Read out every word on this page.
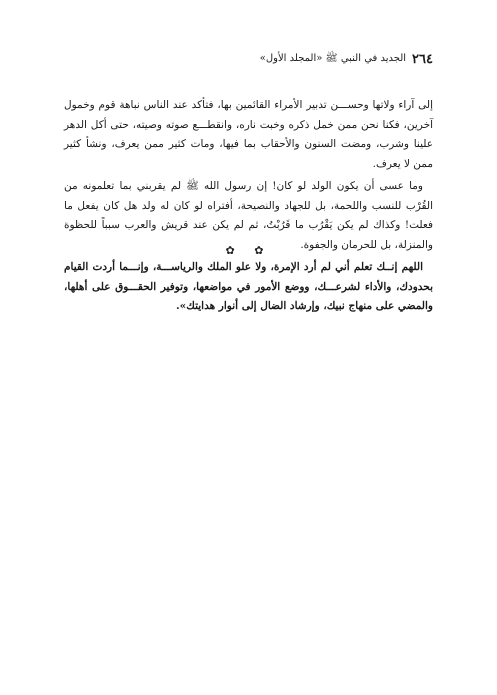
٢٦٤
الجديد في النبي ﷺ «المجلد الأول»

إلى آراء ولاتها وحســـن تدبير الأمراء القائمين بها، فتأكد عند الناس نباهة قوم وخمول آخرين، فكنا نحن ممن خمل ذكره وخبت ناره، وانقطـــع صوته وصيته، حتى أكل الدهر علينا وشرب، ومضت السنون والأحقاب بما فيها، ومات كثير ممن يعرف، ونشأ كثير ممن لا يعرف.

وما عسى أن يكون الولد لو كان! إن رسول الله ﷺ لم يقربني بما تعلمونه من القُرْب للنسب واللحمة، بل للجهاد والنصيحة، أفتراه لو كان له ولد هل كان يفعل ما فعلت! وكذاك لم يكن يَقْرُب ما قَرُبْتُ، ثم لم يكن عند قريش والعرب سبباً للحظوة والمنزلة، بل للحرمان والجفوة.

اللهم إنــك تعلم أني لم أرد الإمرة، ولا علو الملك والرياســـة، وإنـــما أردت القيام بحدودك، والأداء لشرعـــك، ووضع الأمور في مواضعها، وتوفير الحقـــوق على أهلها، والمضي على منهاج نبيك، وإرشاد الضال إلى أنوار هدايتك».

✿ ✿
